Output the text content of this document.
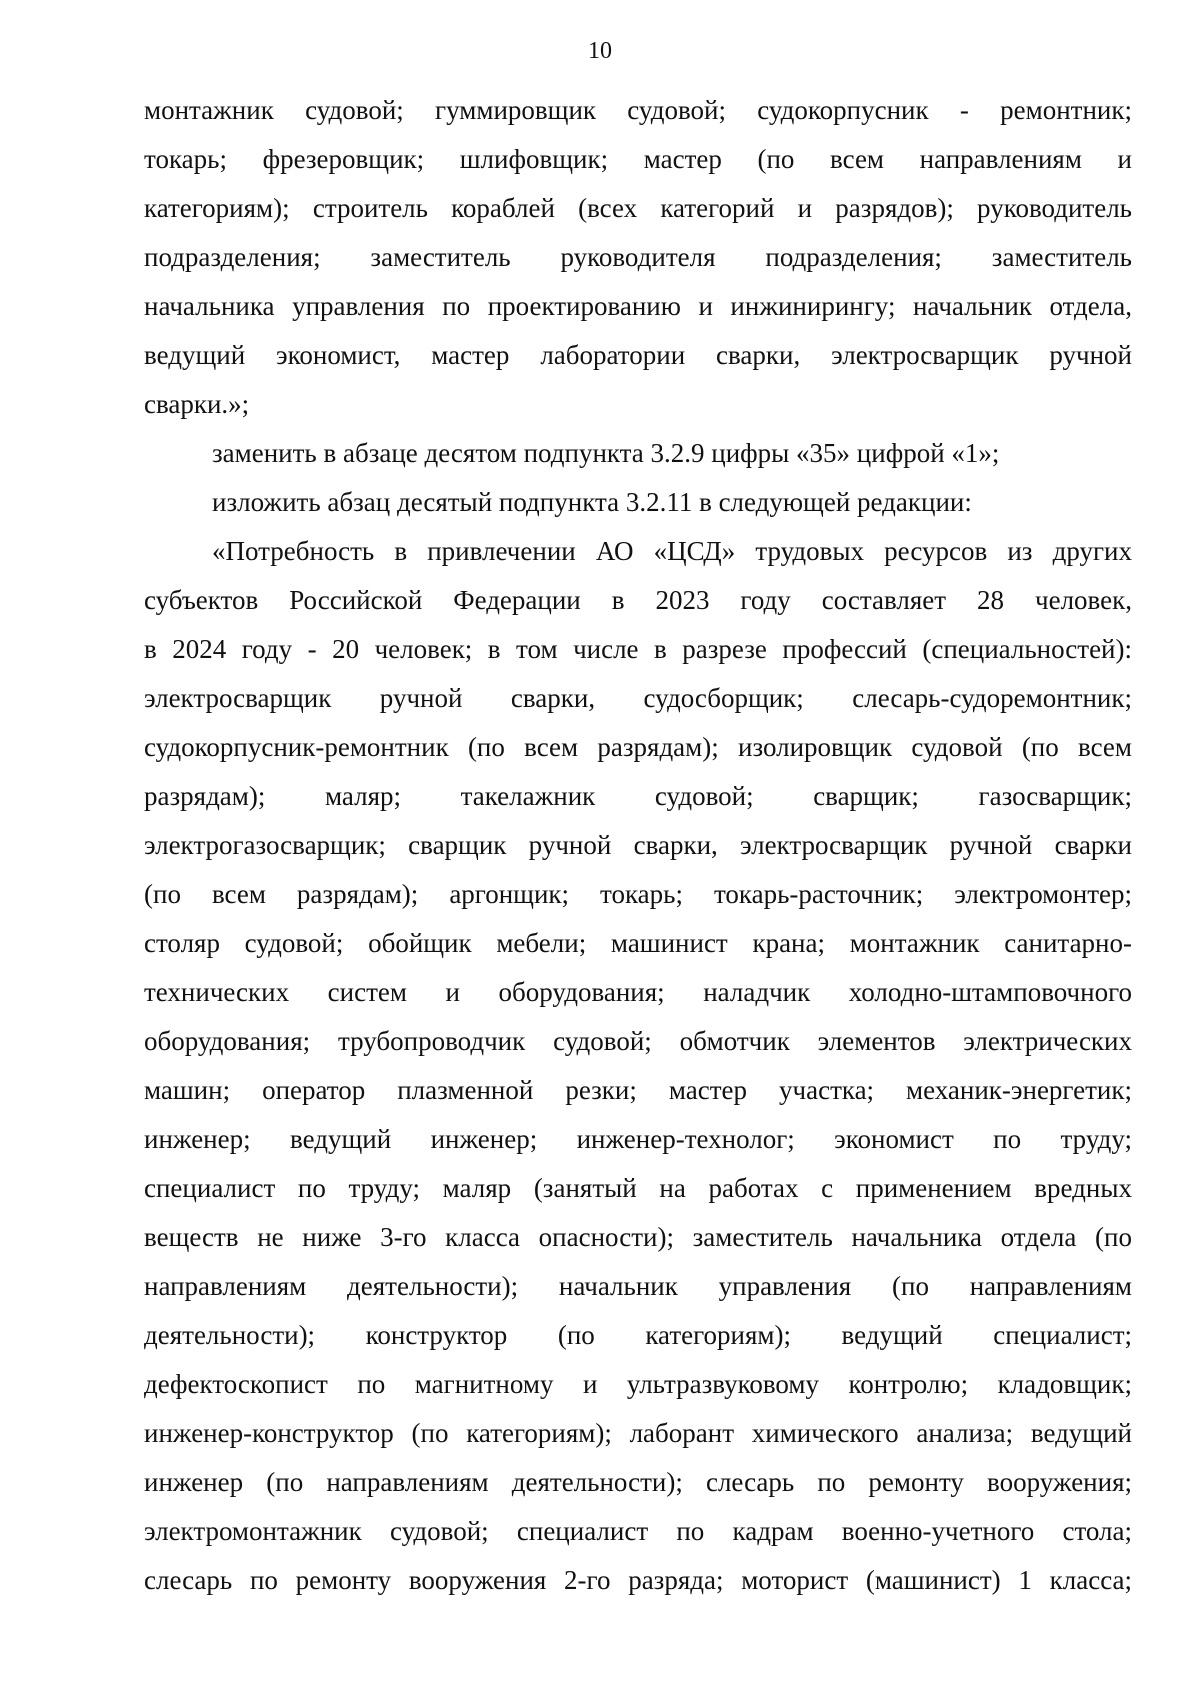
10
монтажник судовой; гуммировщик судовой; судокорпусник - ремонтник;
токарь; фрезеровщик; шлифовщик; мастер (по всем направлениям и
категориям); строитель кораблей (всех категорий и разрядов); руководитель
подразделения; заместитель руководителя подразделения; заместитель
начальника управления по проектированию и инжинирингу; начальник отдела,
ведущий экономист, мастер лаборатории сварки, электросварщик ручной
сварки.»;
заменить в абзаце десятом подпункта 3.2.9 цифры «35» цифрой «1»;
изложить абзац десятый подпункта 3.2.11 в следующей редакции:
«Потребность в привлечении АО «ЦСД» трудовых ресурсов из других
субъектов Российской Федерации в 2023 году составляет 28 человек,
в 2024 году - 20 человек; в том числе в разрезе профессий (специальностей):
электросварщик ручной сварки, судосборщик; слесарь-судоремонтник;
судокорпусник-ремонтник (по всем разрядам); изолировщик судовой (по всем
разрядам); маляр; такелажник судовой; сварщик; газосварщик;
электрогазосварщик; сварщик ручной сварки, электросварщик ручной сварки
(по всем разрядам); аргонщик; токарь; токарь-расточник; электромонтер;
столяр судовой; обойщик мебели; машинист крана; монтажник санитарно-
технических систем и оборудования; наладчик холодно-штамповочного
оборудования; трубопроводчик судовой; обмотчик элементов электрических
машин; оператор плазменной резки; мастер участка; механик-энергетик;
инженер; ведущий инженер; инженер-технолог; экономист по труду;
специалист по труду; маляр (занятый на работах с применением вредных
веществ не ниже 3-го класса опасности); заместитель начальника отдела (по
направлениям деятельности); начальник управления (по направлениям
деятельности); конструктор (по категориям); ведущий специалист;
дефектоскопист по магнитному и ультразвуковому контролю; кладовщик;
инженер-конструктор (по категориям); лаборант химического анализа; ведущий
инженер (по направлениям деятельности); слесарь по ремонту вооружения;
электромонтажник судовой; специалист по кадрам военно-учетного стола;
слесарь по ремонту вооружения 2-го разряда; моторист (машинист) 1 класса;
